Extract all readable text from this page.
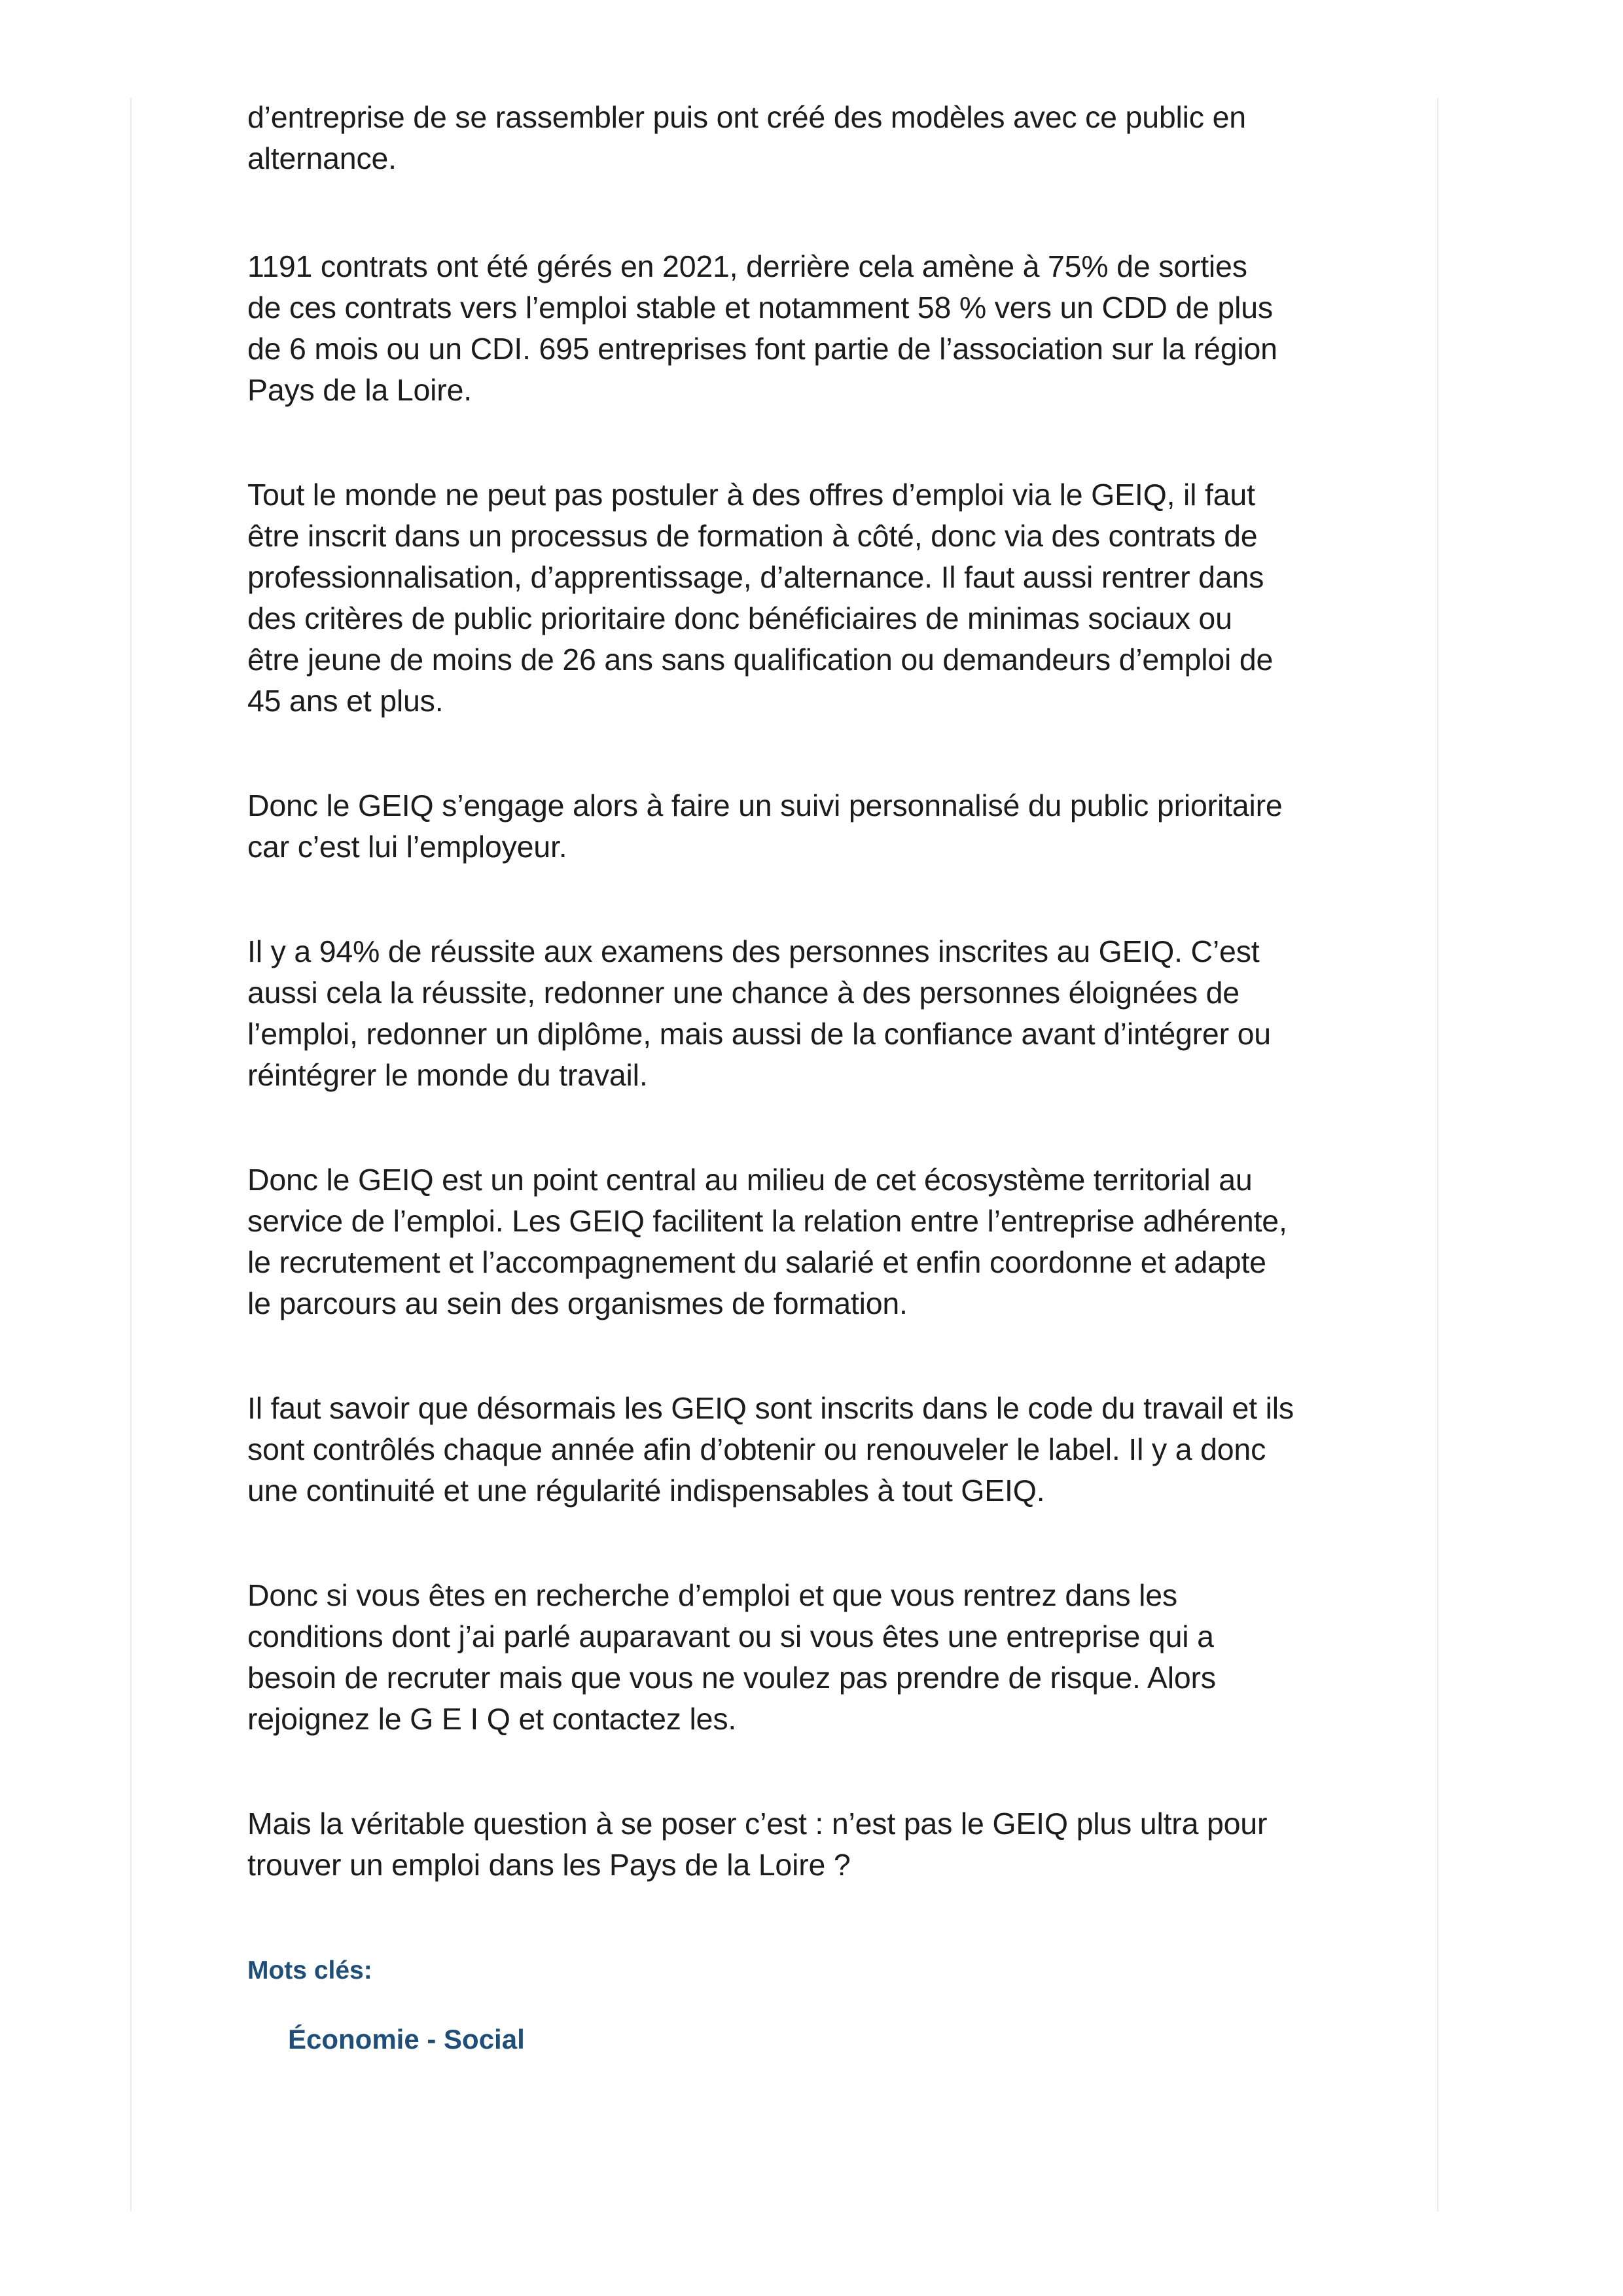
d’entreprise de se rassembler puis ont créé des modèles avec ce public en
alternance.

1191 contrats ont été gérés en 2021, derrière cela amène à 75% de sorties
de ces contrats vers l’emploi stable et notamment 58 % vers un CDD de plus
de 6 mois ou un CDI. 695 entreprises font partie de l’association sur la région
Pays de la Loire.

Tout le monde ne peut pas postuler à des offres d’emploi via le GEIQ, il faut
être inscrit dans un processus de formation à côté, donc via des contrats de
professionnalisation, d’apprentissage, d’alternance. Il faut aussi rentrer dans
des critères de public prioritaire donc bénéficiaires de minimas sociaux ou
être jeune de moins de 26 ans sans qualification ou demandeurs d’emploi de
45 ans et plus.

Donc le GEIQ s’engage alors à faire un suivi personnalisé du public prioritaire
car c’est lui l’employeur.

Il y a 94% de réussite aux examens des personnes inscrites au GEIQ. C’est
aussi cela la réussite, redonner une chance à des personnes éloignées de
l’emploi, redonner un diplôme, mais aussi de la confiance avant d’intégrer ou
réintégrer le monde du travail.

Donc le GEIQ est un point central au milieu de cet écosystème territorial au
service de l’emploi. Les GEIQ facilitent la relation entre l’entreprise adhérente,
le recrutement et l’accompagnement du salarié et enfin coordonne et adapte
le parcours au sein des organismes de formation.

Il faut savoir que désormais les GEIQ sont inscrits dans le code du travail et ils
sont contrôlés chaque année afin d’obtenir ou renouveler le label. Il y a donc
une continuité et une régularité indispensables à tout GEIQ.

Donc si vous êtes en recherche d’emploi et que vous rentrez dans les
conditions dont j’ai parlé auparavant ou si vous êtes une entreprise qui a
besoin de recruter mais que vous ne voulez pas prendre de risque. Alors
rejoignez le G E I Q et contactez les.

Mais la véritable question à se poser c’est : n’est pas le GEIQ plus ultra pour
trouver un emploi dans les Pays de la Loire ?

Mots clés:
Économie - Social
